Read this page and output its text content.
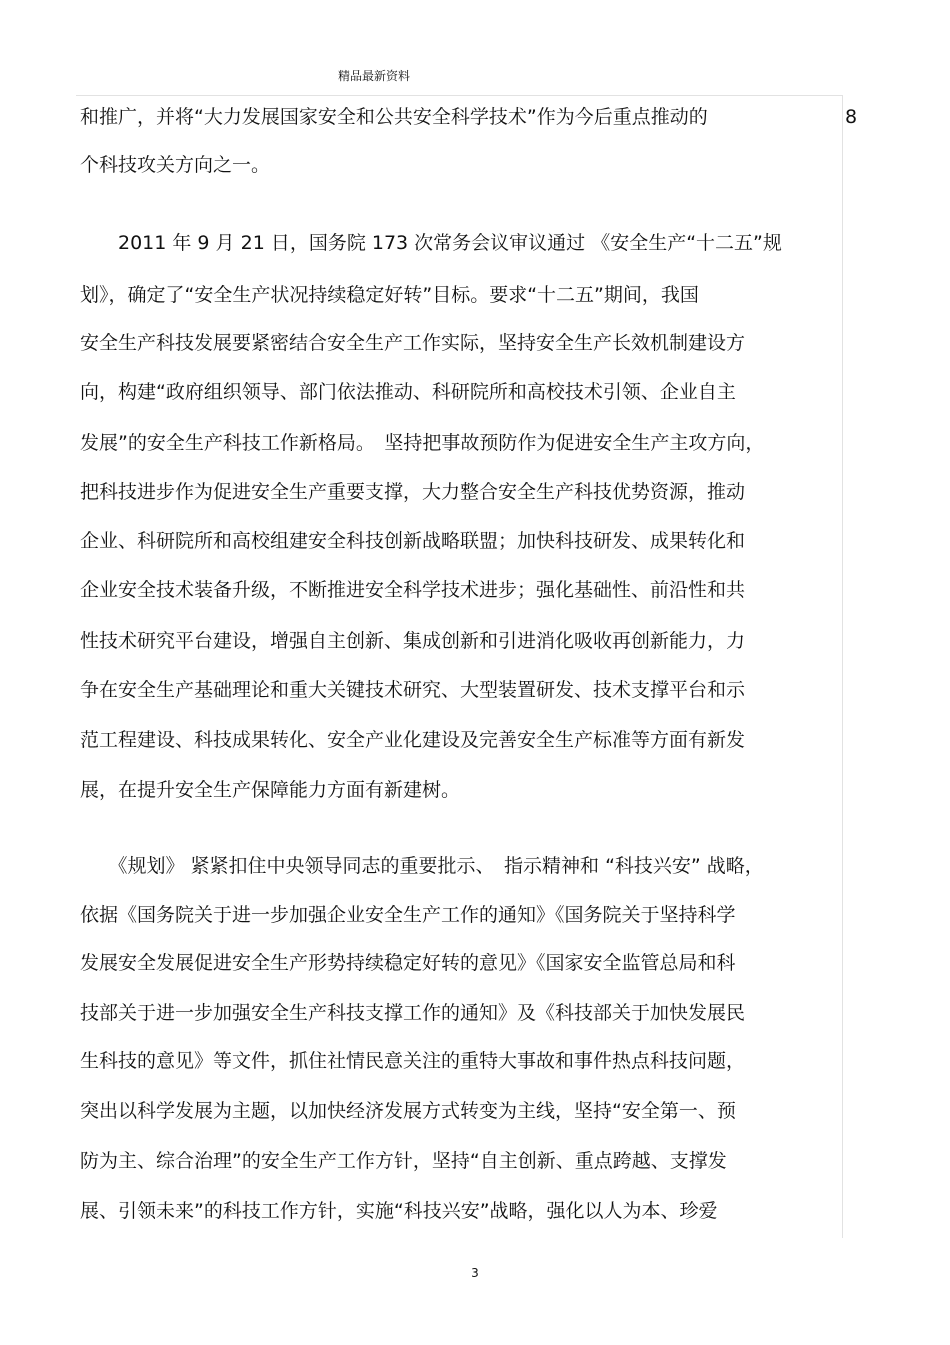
精品最新资料
8
和推广，并将“大力发展国家安全和公共安全科学技术”作为今后重点推动的
个科技攻关方向之一。
　　2011 年 9 月 21 日，国务院 173 次常务会议审议通过 《安全生产“十二五”规
划》，确定了“安全生产状况持续稳定好转”目标。要求“十二五”期间，我国
安全生产科技发展要紧密结合安全生产工作实际，坚持安全生产长效机制建设方
向，构建“政府组织领导、部门依法推动、科研院所和高校技术引领、企业自主
发展”的安全生产科技工作新格局。　坚持把事故预防作为促进安全生产主攻方向，
把科技进步作为促进安全生产重要支撑，大力整合安全生产科技优势资源，推动
企业、科研院所和高校组建安全科技创新战略联盟；加快科技研发、成果转化和
企业安全技术装备升级，不断推进安全科学技术进步；强化基础性、前沿性和共
性技术研究平台建设，增强自主创新、集成创新和引进消化吸收再创新能力，力
争在安全生产基础理论和重大关键技术研究、大型装置研发、技术支撑平台和示
范工程建设、科技成果转化、安全产业化建设及完善安全生产标准等方面有新发
展，在提升安全生产保障能力方面有新建树。
　　《规划》 紧紧扣住中央领导同志的重要批示、　指示精神和 “科技兴安” 战略，
依据《国务院关于进一步加强企业安全生产工作的通知》《国务院关于坚持科学
发展安全发展促进安全生产形势持续稳定好转的意见》《国家安全监管总局和科
技部关于进一步加强安全生产科技支撑工作的通知》及《科技部关于加快发展民
生科技的意见》等文件，抓住社情民意关注的重特大事故和事件热点科技问题，
突出以科学发展为主题，以加快经济发展方式转变为主线，坚持“安全第一、预
防为主、综合治理”的安全生产工作方针，坚持“自主创新、重点跨越、支撑发
展、引领未来”的科技工作方针，实施“科技兴安”战略，强化以人为本、珍爱
3
